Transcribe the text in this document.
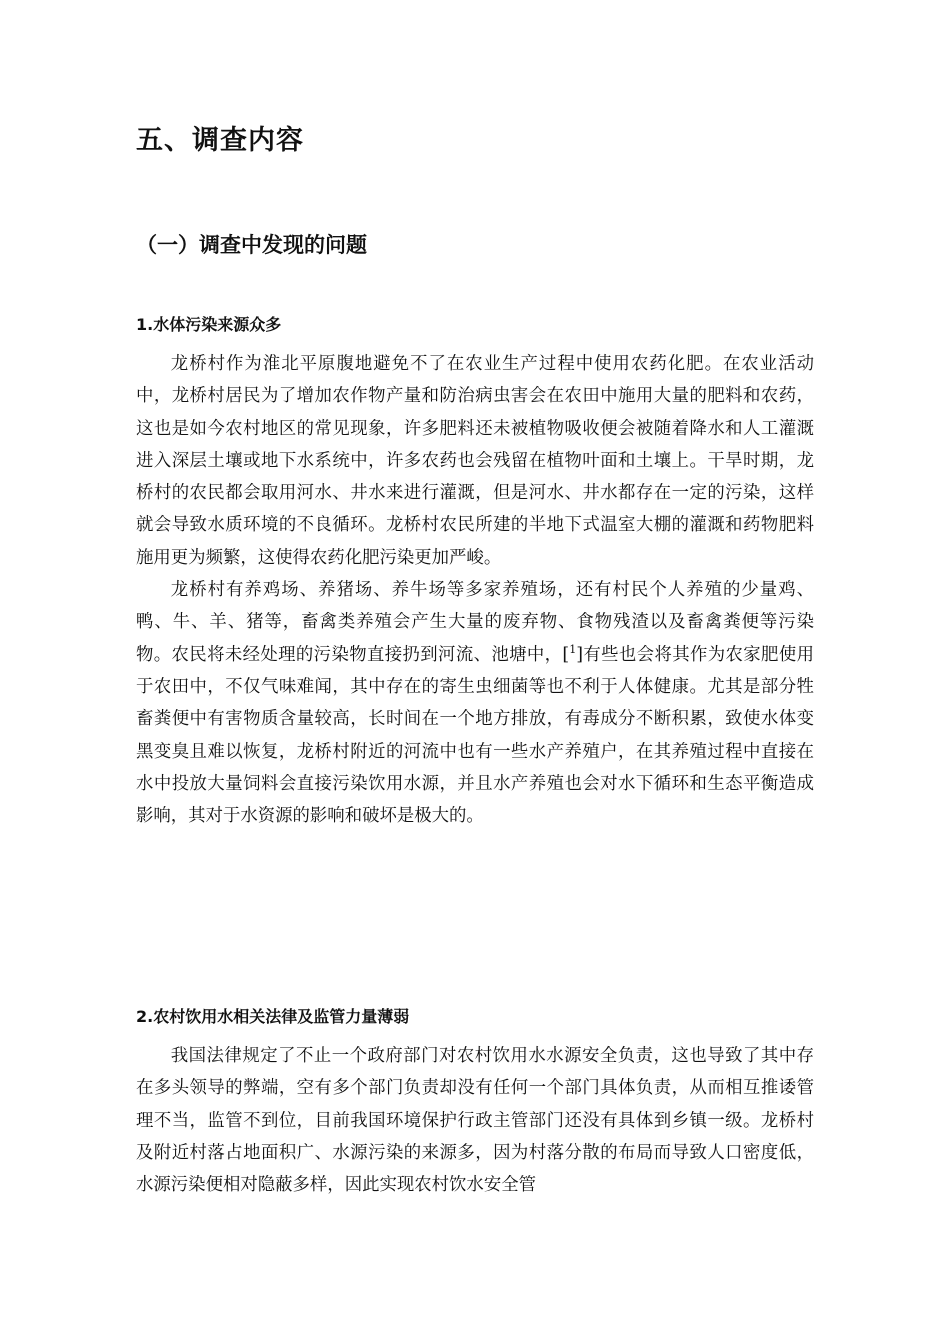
五、调查内容
（一）调查中发现的问题
1.水体污染来源众多

龙桥村作为淮北平原腹地避免不了在农业生产过程中使用农药化肥。在农业活动中，龙桥村居民为了增加农作物产量和防治病虫害会在农田中施用大量的肥料和农药，这也是如今农村地区的常见现象，许多肥料还未被植物吸收便会被随着降水和人工灌溉进入深层土壤或地下水系统中，许多农药也会残留在植物叶面和土壤上。干旱时期，龙桥村的农民都会取用河水、井水来进行灌溉，但是河水、井水都存在一定的污染，这样就会导致水质环境的不良循环。龙桥村农民所建的半地下式温室大棚的灌溉和药物肥料施用更为频繁，这使得农药化肥污染更加严峻。

龙桥村有养鸡场、养猪场、养牛场等多家养殖场，还有村民个人养殖的少量鸡、鸭、牛、羊、猪等，畜禽类养殖会产生大量的废弃物、食物残渣以及畜禽粪便等污染物。农民将未经处理的污染物直接扔到河流、池塘中，[$^1$]有些也会将其作为农家肥使用于农田中，不仅气味难闻，其中存在的寄生虫细菌等也不利于人体健康。尤其是部分牲畜粪便中有害物质含量较高，长时间在一个地方排放，有毒成分不断积累，致使水体变黑变臭且难以恢复，龙桥村附近的河流中也有一些水产养殖户，在其养殖过程中直接在水中投放大量饲料会直接污染饮用水源，并且水产养殖也会对水下循环和生态平衡造成影响，其对于水资源的影响和破坏是极大的。

2.农村饮用水相关法律及监管力量薄弱

我国法律规定了不止一个政府部门对农村饮用水水源安全负责，这也导致了其中存在多头领导的弊端，空有多个部门负责却没有任何一个部门具体负责，从而相互推诿管理不当，监管不到位，目前我国环境保护行政主管部门还没有具体到乡镇一级。龙桥村及附近村落占地面积广、水源污染的来源多，因为村落分散的布局而导致人口密度低，水源污染便相对隐蔽多样，因此实现农村饮水安全管
